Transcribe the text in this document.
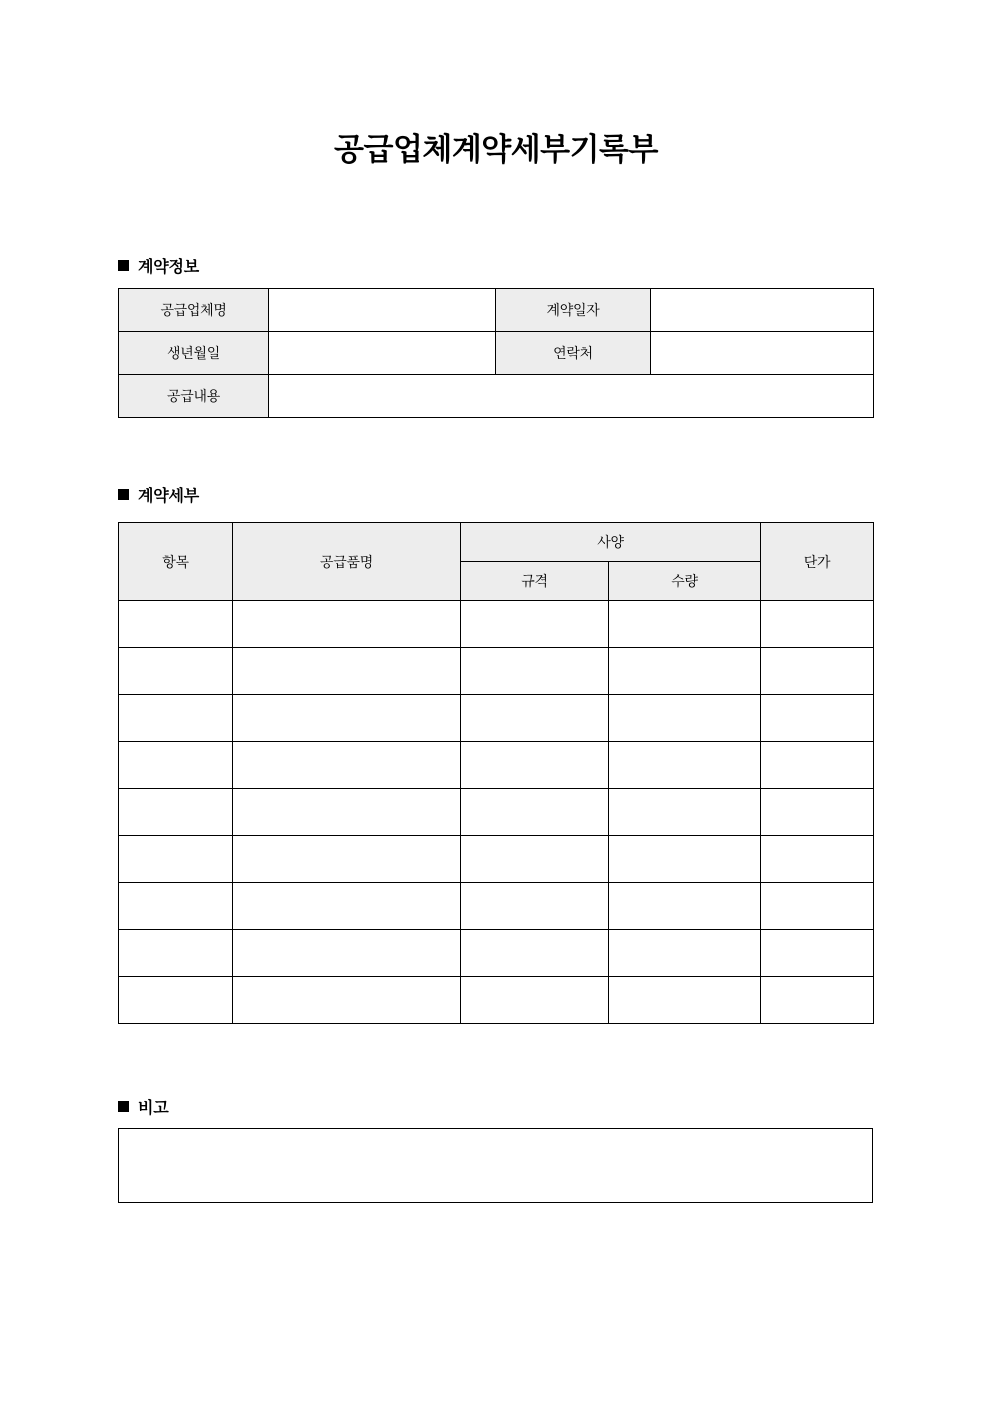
공급업체계약세부기록부
계약정보
공급업체명		계약일자	
생년월일		연락처	
공급내용			
계약세부
항목	공급품명	사양		단가
		규격	수량	

비고
